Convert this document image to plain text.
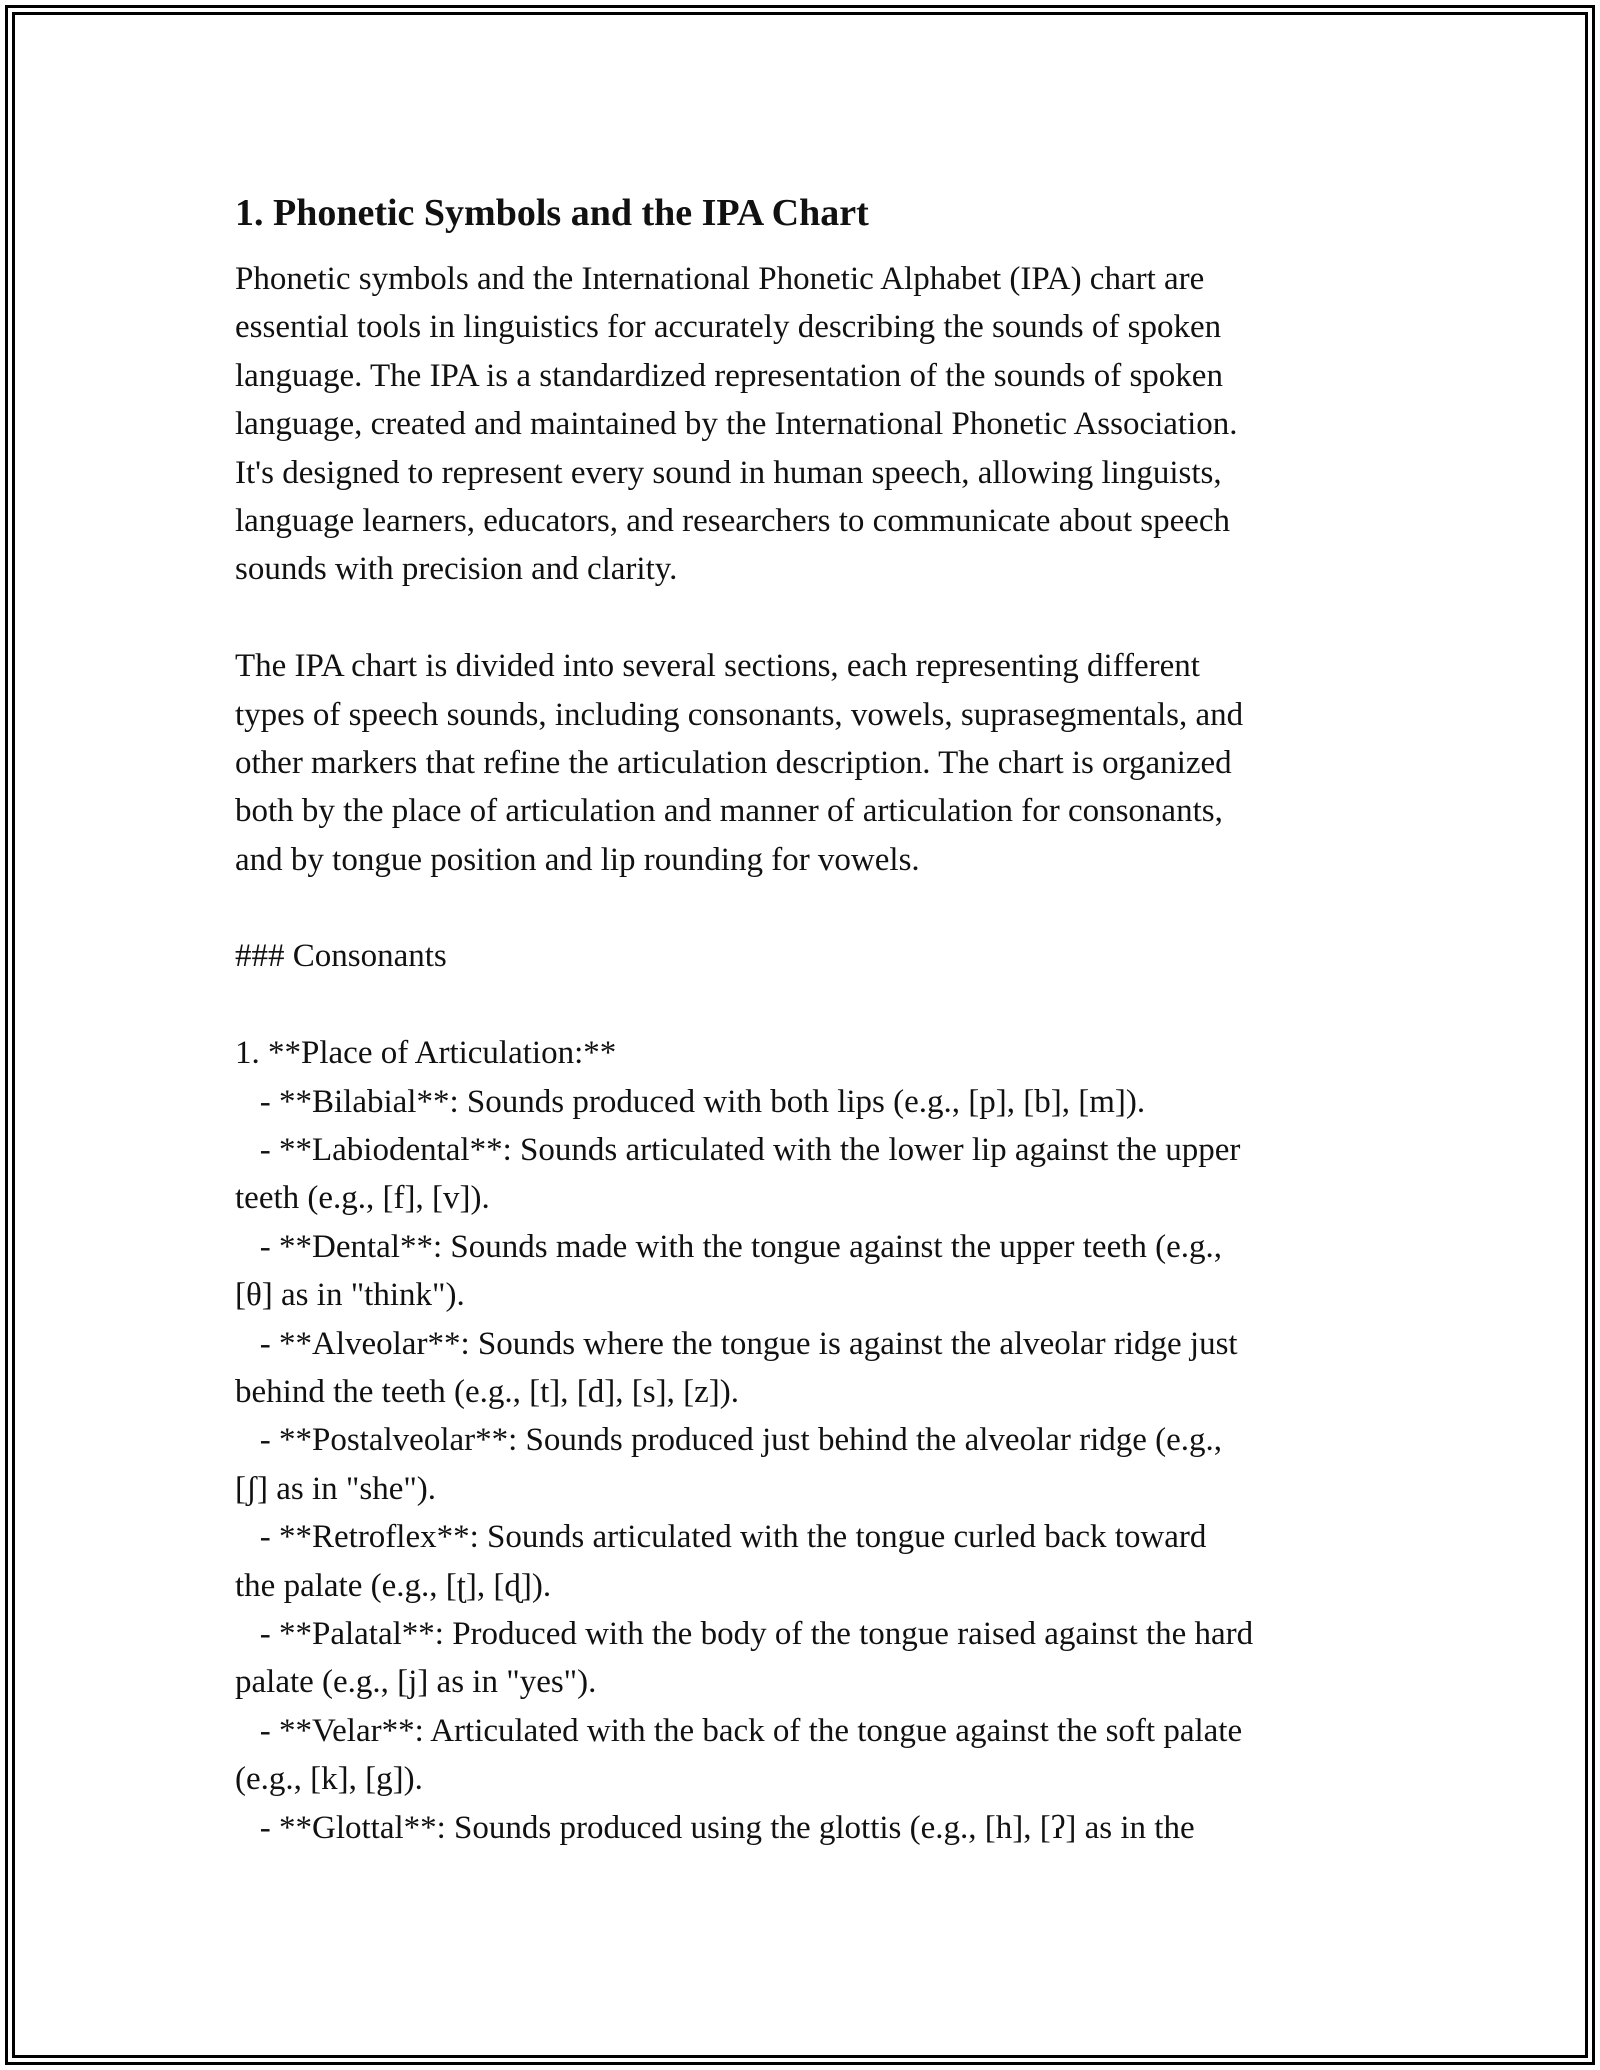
1. Phonetic Symbols and the IPA Chart
Phonetic symbols and the International Phonetic Alphabet (IPA) chart are
essential tools in linguistics for accurately describing the sounds of spoken
language. The IPA is a standardized representation of the sounds of spoken
language, created and maintained by the International Phonetic Association.
It's designed to represent every sound in human speech, allowing linguists,
language learners, educators, and researchers to communicate about speech
sounds with precision and clarity.
The IPA chart is divided into several sections, each representing different
types of speech sounds, including consonants, vowels, suprasegmentals, and
other markers that refine the articulation description. The chart is organized
both by the place of articulation and manner of articulation for consonants,
and by tongue position and lip rounding for vowels.
### Consonants
1. **Place of Articulation:**
- **Bilabial**: Sounds produced with both lips (e.g., [p], [b], [m]).
- **Labiodental**: Sounds articulated with the lower lip against the upper
teeth (e.g., [f], [v]).
- **Dental**: Sounds made with the tongue against the upper teeth (e.g.,
[θ] as in "think").
- **Alveolar**: Sounds where the tongue is against the alveolar ridge just
behind the teeth (e.g., [t], [d], [s], [z]).
- **Postalveolar**: Sounds produced just behind the alveolar ridge (e.g.,
[ʃ] as in "she").
- **Retroflex**: Sounds articulated with the tongue curled back toward
the palate (e.g., [ʈ], [ɖ]).
- **Palatal**: Produced with the body of the tongue raised against the hard
palate (e.g., [j] as in "yes").
- **Velar**: Articulated with the back of the tongue against the soft palate
(e.g., [k], [g]).
- **Glottal**: Sounds produced using the glottis (e.g., [h], [ʔ] as in the
